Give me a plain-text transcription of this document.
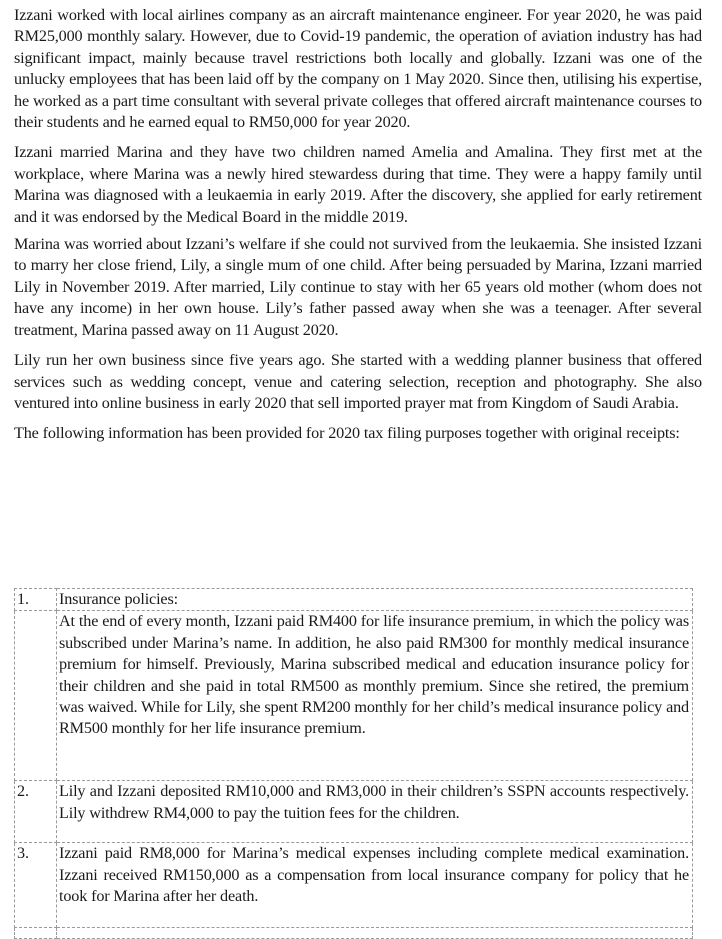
Izzani worked with local airlines company as an aircraft maintenance engineer. For year 2020, he was paid RM25,000 monthly salary. However, due to Covid-19 pandemic, the operation of aviation industry has had significant impact, mainly because travel restrictions both locally and globally. Izzani was one of the unlucky employees that has been laid off by the company on 1 May 2020. Since then, utilising his expertise, he worked as a part time consultant with several private colleges that offered aircraft maintenance courses to their students and he earned equal to RM50,000 for year 2020.

Izzani married Marina and they have two children named Amelia and Amalina. They first met at the workplace, where Marina was a newly hired stewardess during that time. They were a happy family until Marina was diagnosed with a leukaemia in early 2019. After the discovery, she applied for early retirement and it was endorsed by the Medical Board in the middle 2019.

Marina was worried about Izzani’s welfare if she could not survived from the leukaemia. She insisted Izzani to marry her close friend, Lily, a single mum of one child. After being persuaded by Marina, Izzani married Lily in November 2019. After married, Lily continue to stay with her 65 years old mother (whom does not have any income) in her own house. Lily’s father passed away when she was a teenager. After several treatment, Marina passed away on 11 August 2020.

Lily run her own business since five years ago. She started with a wedding planner business that offered services such as wedding concept, venue and catering selection, reception and photography. She also ventured into online business in early 2020 that sell imported prayer mat from Kingdom of Saudi Arabia.

The following information has been provided for 2020 tax filing purposes together with original receipts:

1.	Insurance policies:
	At the end of every month, Izzani paid RM400 for life insurance premium, in which the policy was subscribed under Marina’s name. In addition, he also paid RM300 for monthly medical insurance premium for himself. Previously, Marina subscribed medical and education insurance policy for their children and she paid in total RM500 as monthly premium. Since she retired, the premium was waived. While for Lily, she spent RM200 monthly for her child’s medical insurance policy and RM500 monthly for her life insurance premium.
2.	Lily and Izzani deposited RM10,000 and RM3,000 in their children’s SSPN accounts respectively. Lily withdrew RM4,000 to pay the tuition fees for the children.
3.	Izzani paid RM8,000 for Marina’s medical expenses including complete medical examination. Izzani received RM150,000 as a compensation from local insurance company for policy that he took for Marina after her death.
